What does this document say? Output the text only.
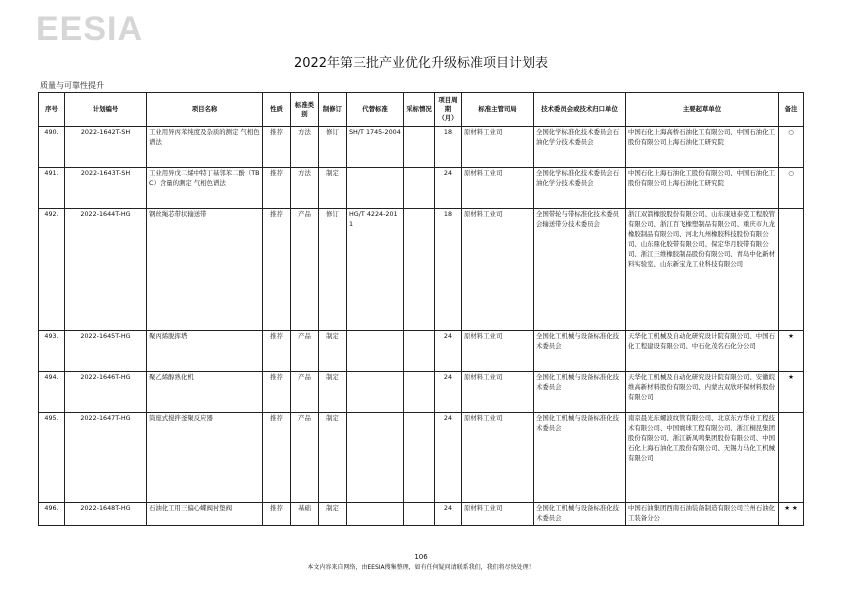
EESIA
2022年第三批产业优化升级标准项目计划表
质量与可靠性提升
序号	计划编号	项目名称	性质	标准类别	制修订	代替标准	采标情况	项目周期（月）	标准主管司局	技术委员会或技术归口单位	主要起草单位	备注
490.	2022-1642T-SH	工业用异丙苯纯度及杂质的测定 气相色谱法	推荐	方法	修订	SH/T 1745-2004		18	原材料工业司	全国化学标准化技术委员会石油化学分技术委员会	中国石化上海高桥石油化工有限公司、中国石油化工股份有限公司上海石油化工研究院	○
491.	2022-1643T-SH	工业用异戊二烯中特丁基邻苯二酚（TBC）含量的测定 气相色谱法	推荐	方法	制定			24	原材料工业司	全国化学标准化技术委员会石油化学分技术委员会	中国石化上海石油化工股份有限公司、中国石油化工股份有限公司上海石油化工研究院	○
492.	2022-1644T-HG	钢丝绳芯带状输送带	推荐	产品	修订	HG/T 4224-2011		18	原材料工业司	全国带轮与带标准化技术委员会输送带分技术委员会	浙江双箭橡胶股份有限公司、山东康迪泰克工程胶管有限公司、浙江百飞橡塑制品有限公司、重庆市九龙橡胶制品有限公司、河北九州橡胶科技股份有限公司、山东鼎化胶带有限公司、保定华月胶带有限公司、浙江三维橡胶制品股份有限公司、青岛中化新材料实验室、山东新宝龙工业科技有限公司	
493.	2022-1645T-HG	聚丙烯脱挥塔	推荐	产品	制定			24	原材料工业司	全国化工机械与设备标准化技术委员会	天华化工机械及自动化研究设计院有限公司、中国石化工程建设有限公司、中石化茂名石化分公司	★
494.	2022-1646T-HG	聚乙烯醇熟化机	推荐	产品	制定			24	原材料工业司	全国化工机械与设备标准化技术委员会	天华化工机械及自动化研究设计院有限公司、安徽皖维高新材料股份有限公司、内蒙古双欣环保材料股份有限公司	★
495.	2022-1647T-HG	筒座式搅拌釜聚反应器	推荐	产品	制定			24	原材料工业司	全国化工机械与设备标准化技术委员会	南京晨光东螺波纹管有限公司、北京东方华业工程技术有限公司、中国寰球工程有限公司、浙江桐昆集团股份有限公司、浙江新凤鸣集团股份有限公司、中国石化上海石油化工股份有限公司、无锡力马化工机械有限公司	
496.	2022-1648T-HG	石油化工用三偏心蝶阀衬垫阀	推荐	基础	制定			24	原材料工业司	全国化工机械与设备标准化技术委员会	中国石油集团西南石油装备制造有限公司兰州石油化工装备分公	★ ★
106
本文内容来自网络，由EESIA搜集整理，如有任何疑问请联系我们，我们将尽快处理！
